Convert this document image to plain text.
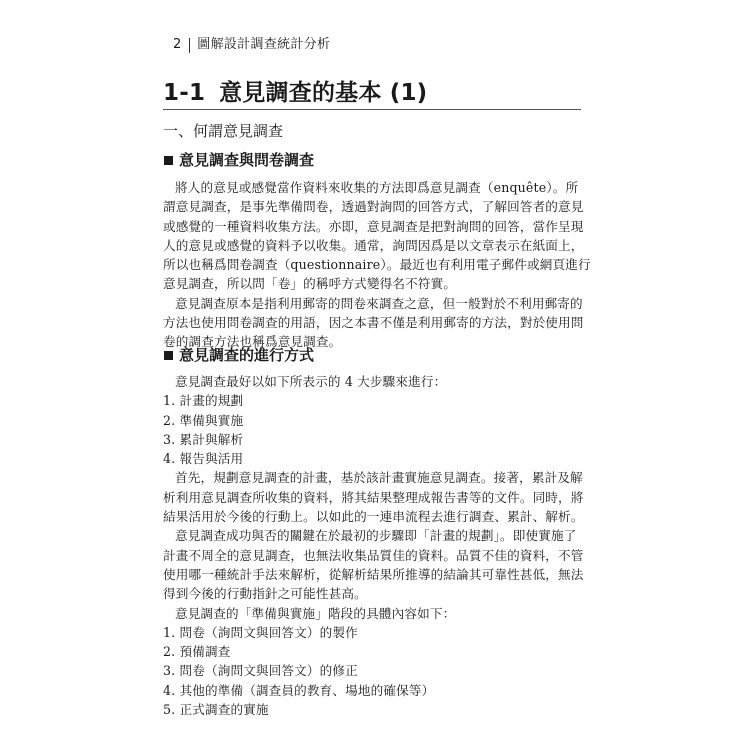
2 圖解設計調查統計分析
1-1 意見調查的基本 (1)
一、何謂意見調查
意見調查與問卷調查
將人的意見或感覺當作資料來收集的方法即爲意見調查（enquête）。所
謂意見調查，是事先準備問卷，透過對詢問的回答方式，了解回答者的意見
或感覺的一種資料收集方法。亦即，意見調查是把對詢問的回答，當作呈現
人的意見或感覺的資料予以收集。通常，詢問因爲是以文章表示在紙面上，
所以也稱爲問卷調查（questionnaire）。最近也有利用電子郵件或網頁進行
意見調查，所以問「卷」的稱呼方式變得名不符實。
意見調查原本是指利用郵寄的問卷來調查之意，但一般對於不利用郵寄的
方法也使用問卷調查的用語，因之本書不僅是利用郵寄的方法，對於使用問
卷的調查方法也稱爲意見調查。
意見調查的進行方式
意見調查最好以如下所表示的 4 大步驟來進行：
1. 計畫的規劃
2. 準備與實施
3. 累計與解析
4. 報告與活用
首先，規劃意見調查的計畫，基於該計畫實施意見調查。接著，累計及解
析利用意見調查所收集的資料，將其結果整理成報告書等的文件。同時，將
結果活用於今後的行動上。以如此的一連串流程去進行調查、累計、解析。
意見調查成功與否的關鍵在於最初的步驟即「計畫的規劃」。即使實施了
計畫不周全的意見調查，也無法收集品質佳的資料。品質不佳的資料，不管
使用哪一種統計手法來解析，從解析結果所推導的結論其可靠性甚低，無法
得到今後的行動指針之可能性甚高。
意見調查的「準備與實施」階段的具體內容如下：
1. 問卷（詢問文與回答文）的製作
2. 預備調查
3. 問卷（詢問文與回答文）的修正
4. 其他的準備（調查員的教育、場地的確保等）
5. 正式調查的實施
